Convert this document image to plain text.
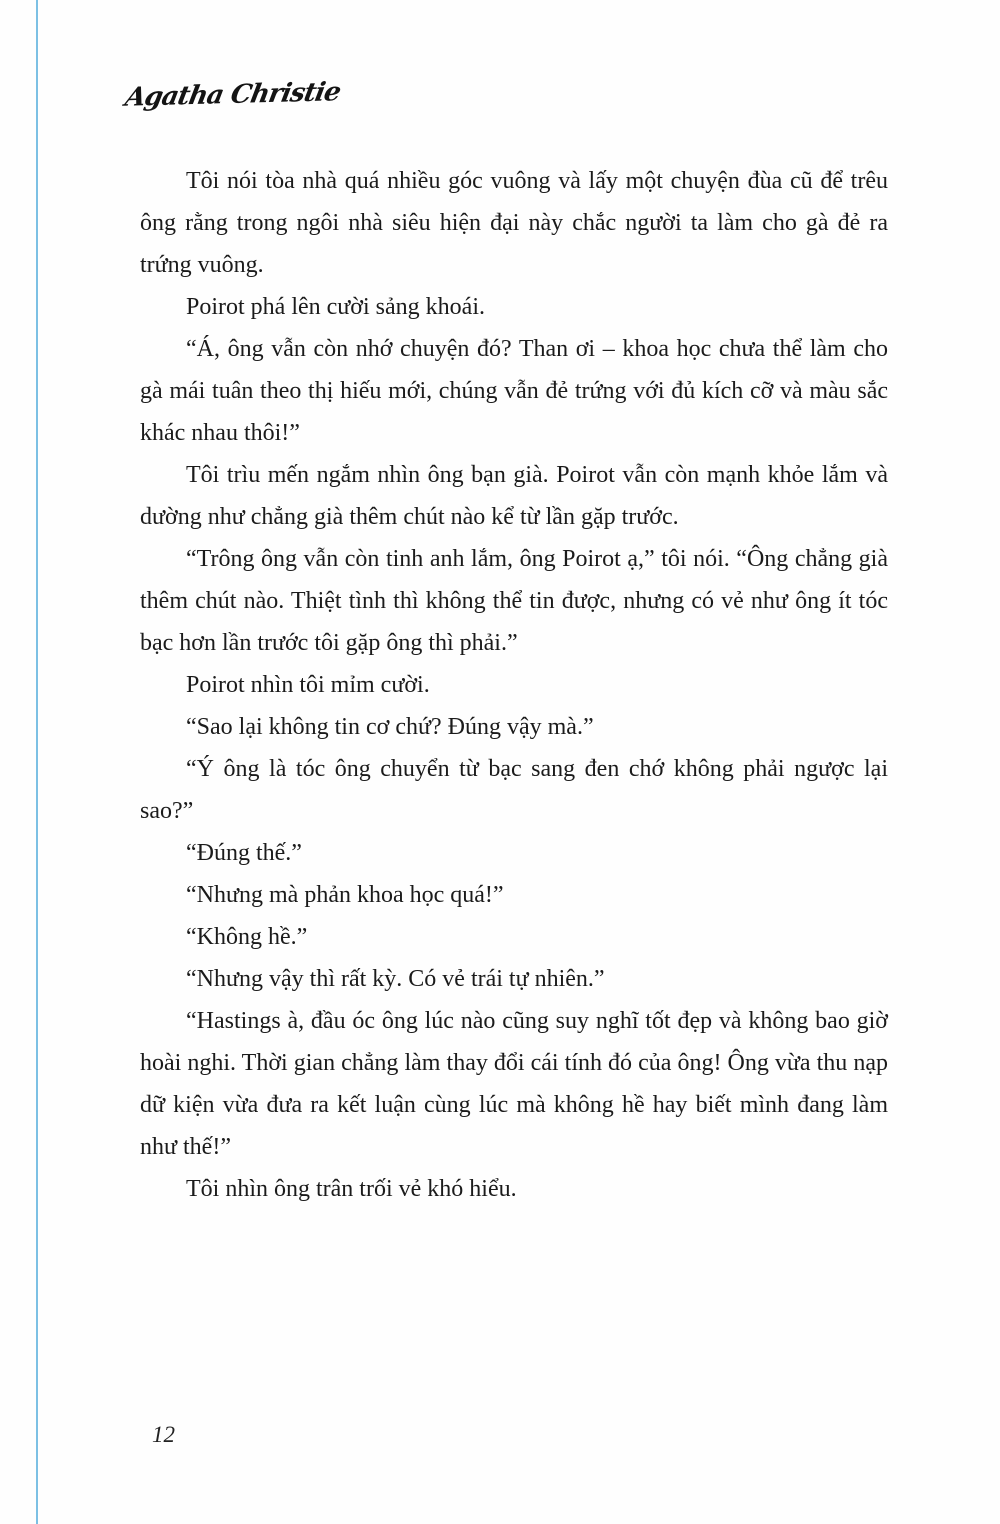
Agatha Christie

Tôi nói tòa nhà quá nhiều góc vuông và lấy một chuyện đùa cũ để trêu ông rằng trong ngôi nhà siêu hiện đại này chắc người ta làm cho gà đẻ ra trứng vuông.

Poirot phá lên cười sảng khoái.

“Á, ông vẫn còn nhớ chuyện đó? Than ơi – khoa học chưa thể làm cho gà mái tuân theo thị hiếu mới, chúng vẫn đẻ trứng với đủ kích cỡ và màu sắc khác nhau thôi!”

Tôi trìu mến ngắm nhìn ông bạn già. Poirot vẫn còn mạnh khỏe lắm và dường như chẳng già thêm chút nào kể từ lần gặp trước.

“Trông ông vẫn còn tinh anh lắm, ông Poirot ạ,” tôi nói. “Ông chẳng già thêm chút nào. Thiệt tình thì không thể tin được, nhưng có vẻ như ông ít tóc bạc hơn lần trước tôi gặp ông thì phải.”

Poirot nhìn tôi mỉm cười.

“Sao lại không tin cơ chứ? Đúng vậy mà.”

“Ý ông là tóc ông chuyển từ bạc sang đen chớ không phải ngược lại sao?”

“Đúng thế.”

“Nhưng mà phản khoa học quá!”

“Không hề.”

“Nhưng vậy thì rất kỳ. Có vẻ trái tự nhiên.”

“Hastings à, đầu óc ông lúc nào cũng suy nghĩ tốt đẹp và không bao giờ hoài nghi. Thời gian chẳng làm thay đổi cái tính đó của ông! Ông vừa thu nạp dữ kiện vừa đưa ra kết luận cùng lúc mà không hề hay biết mình đang làm như thế!”

Tôi nhìn ông trân trối vẻ khó hiểu.

12
